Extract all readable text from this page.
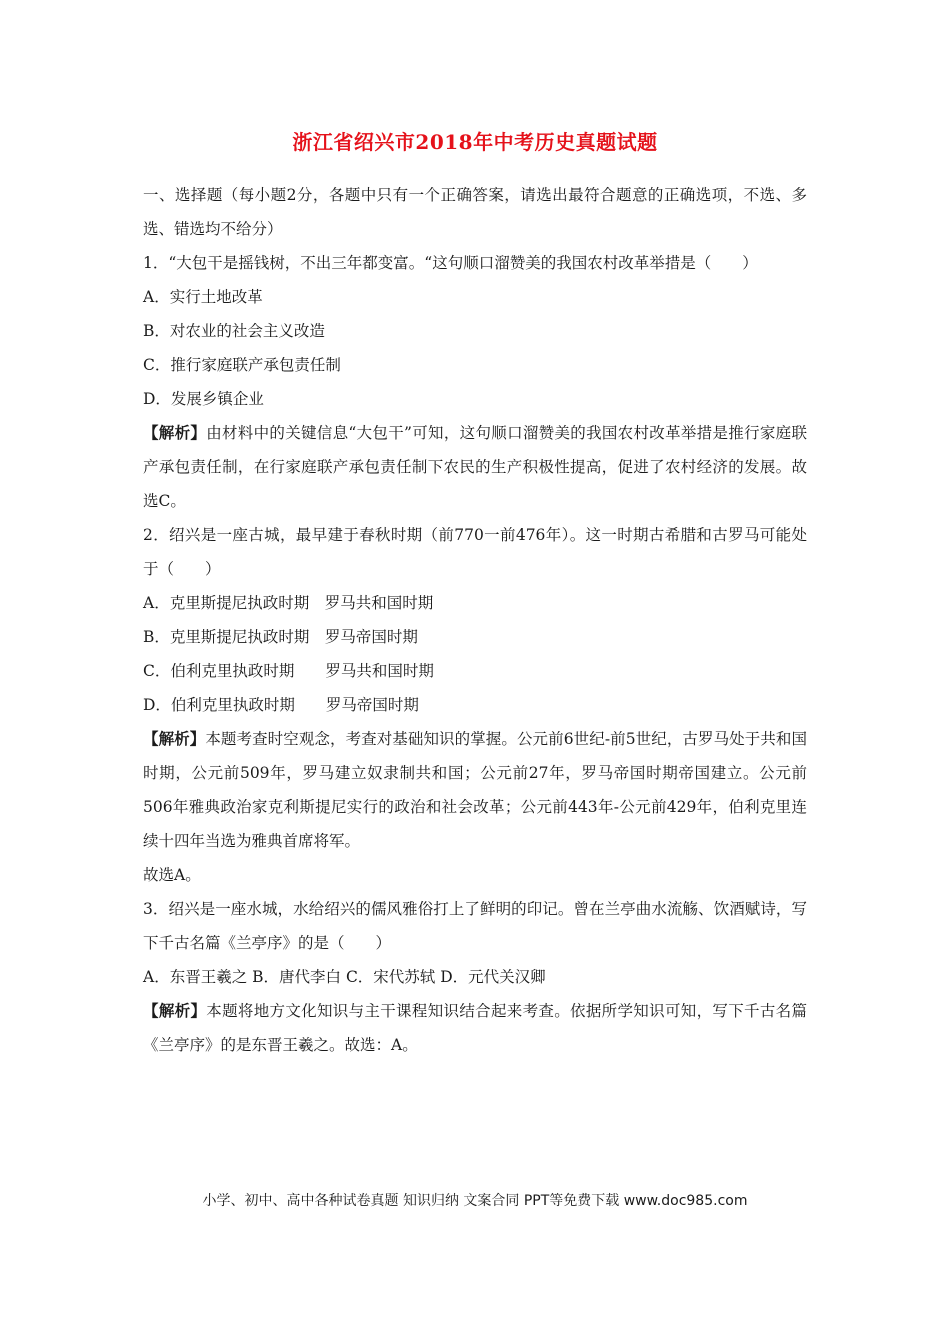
浙江省绍兴市2018年中考历史真题试题

一、选择题（每小题2分，各题中只有一个正确答案，请选出最符合题意的正确选项，不选、多选、错选均不给分）

1．“大包干是摇钱树，不出三年都变富。“这句顺口溜赞美的我国农村改革举措是（　　）

A．实行土地改革

B．对农业的社会主义改造

C．推行家庭联产承包责任制

D．发展乡镇企业

【解析】由材料中的关键信息“大包干”可知，这句顺口溜赞美的我国农村改革举措是推行家庭联产承包责任制，在行家庭联产承包责任制下农民的生产积极性提高，促进了农村经济的发展。故选C。

2．绍兴是一座古城，最早建于春秋时期（前770一前476年）。这一时期古希腊和古罗马可能处于（　　）

A．克里斯提尼执政时期　罗马共和国时期

B．克里斯提尼执政时期　罗马帝国时期

C．伯利克里执政时期　　罗马共和国时期

D．伯利克里执政时期　　罗马帝国时期

【解析】本题考查时空观念，考查对基础知识的掌握。公元前6世纪-前5世纪，古罗马处于共和国时期，公元前509年，罗马建立奴隶制共和国；公元前27年，罗马帝国时期帝国建立。公元前506年雅典政治家克利斯提尼实行的政治和社会改革；公元前443年-公元前429年，伯利克里连续十四年当选为雅典首席将军。

故选A。

3．绍兴是一座水城，水给绍兴的儒风雅俗打上了鲜明的印记。曾在兰亭曲水流觞、饮酒赋诗，写下千古名篇《兰亭序》的是（　　）

A．东晋王羲之 B．唐代李白 C．宋代苏轼 D．元代关汉卿

【解析】本题将地方文化知识与主干课程知识结合起来考查。依据所学知识可知，写下千古名篇《兰亭序》的是东晋王羲之。故选：A。

小学、初中、高中各种试卷真题 知识归纳 文案合同 PPT等免费下载 www.doc985.com
